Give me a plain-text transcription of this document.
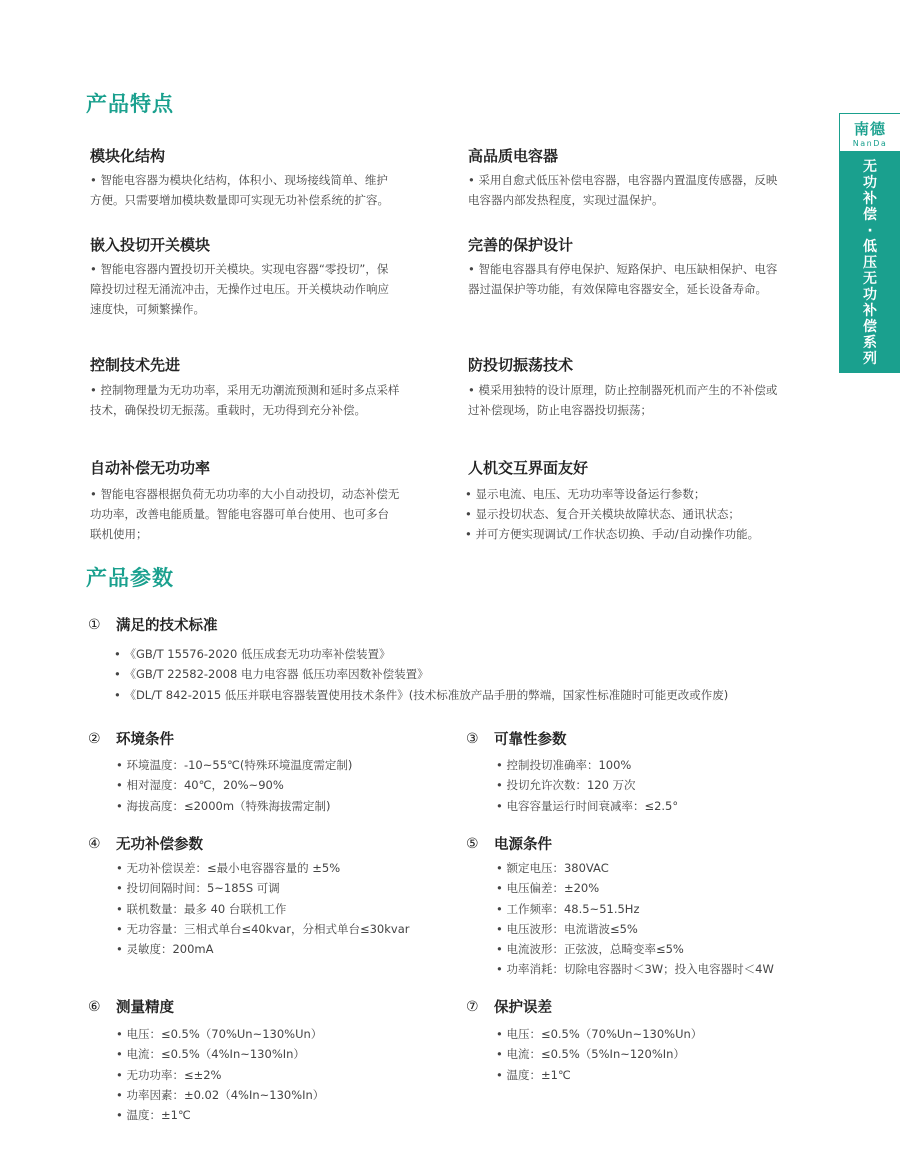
产品特点
南德
NanDa
无
功
补
偿
·
低
压
无
功
补
偿
系
列
模块化结构

• 智能电容器为模块化结构，体积小、现场接线简单、维护

方便。只需要增加模块数量即可实现无功补偿系统的扩容。

高品质电容器

• 采用自愈式低压补偿电容器，电容器内置温度传感器，反映

电容器内部发热程度，实现过温保护。

嵌入投切开关模块

• 智能电容器内置投切开关模块。实现电容器“零投切”，保

障投切过程无涌流冲击，无操作过电压。开关模块动作响应

速度快，可频繁操作。

完善的保护设计

• 智能电容器具有停电保护、短路保护、电压缺相保护、电容

器过温保护等功能，有效保障电容器安全，延长设备寿命。

控制技术先进

• 控制物理量为无功功率，采用无功潮流预测和延时多点采样

技术，确保投切无振荡。重载时，无功得到充分补偿。

防投切振荡技术

• 模采用独特的设计原理，防止控制器死机而产生的不补偿或

过补偿现场，防止电容器投切振荡；

自动补偿无功功率

• 智能电容器根据负荷无功功率的大小自动投切，动态补偿无

功功率，改善电能质量。智能电容器可单台使用、也可多台

联机使用；

人机交互界面友好

• 显示电流、电压、无功功率等设备运行参数；

• 显示投切状态、复合开关模块故障状态、通讯状态；

• 并可方便实现调试/工作状态切换、手动/自动操作功能。

产品参数
①	满足的技术标准
• 《GB/T 15576-2020 低压成套无功功率补偿装置》
• 《GB/T 22582-2008 电力电容器 低压功率因数补偿装置》
• 《DL/T 842-2015 低压并联电容器装置使用技术条件》(技术标准放产品手册的弊端，国家性标准随时可能更改或作废)
②	环境条件
• 环境温度：-10~55℃(特殊环境温度需定制)
• 相对湿度：40℃，20%~90%
• 海拔高度：≤2000m（特殊海拔需定制)
③	可靠性参数
• 控制投切准确率：100%
• 投切允许次数：120 万次
• 电容容量运行时间衰减率：≤2.5°
④	无功补偿参数
• 无功补偿误差：≤最小电容器容量的 ±5%
• 投切间隔时间：5~185S 可调
• 联机数量：最多 40 台联机工作
• 无功容量：三相式单台≤40kvar，分相式单台≤30kvar
• 灵敏度：200mA
⑤	电源条件
• 额定电压：380VAC
• 电压偏差：±20%
• 工作频率：48.5~51.5Hz
• 电压波形：电流谐波≤5%
• 电流波形：正弦波，总畸变率≤5%
• 功率消耗：切除电容器时＜3W；投入电容器时＜4W
⑥	测量精度
• 电压：≤0.5%（70%Un~130%Un）
• 电流：≤0.5%（4%In~130%In）
• 无功功率：≤±2%
• 功率因素：±0.02（4%In~130%In）
• 温度：±1℃
⑦	保护误差
• 电压：≤0.5%（70%Un~130%Un）
• 电流：≤0.5%（5%In~120%In）
• 温度：±1℃
